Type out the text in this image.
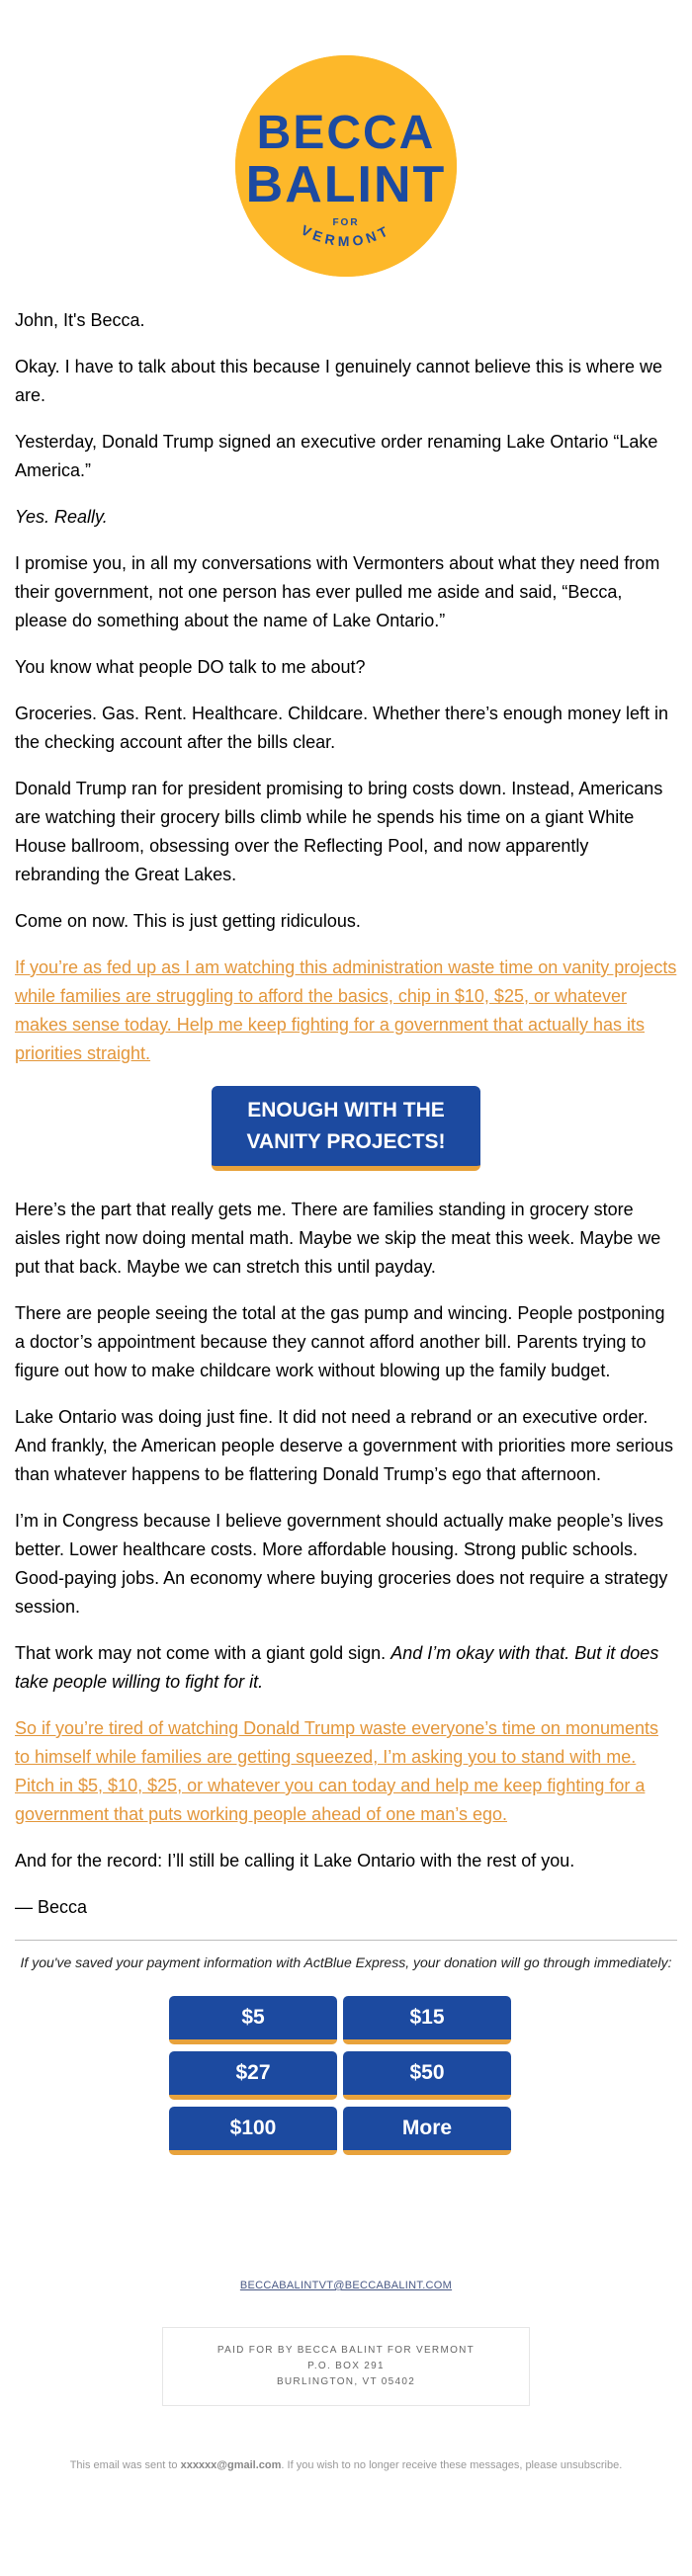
BECCA
BALINT
FOR
VERMONT

John, It's Becca.

Okay. I have to talk about this because I genuinely cannot believe this is where we are.

Yesterday, Donald Trump signed an executive order renaming Lake Ontario “Lake America.”

Yes. Really.

I promise you, in all my conversations with Vermonters about what they need from their government, not one person has ever pulled me aside and said, “Becca, please do something about the name of Lake Ontario.”

You know what people DO talk to me about?

Groceries. Gas. Rent. Healthcare. Childcare. Whether there’s enough money left in the checking account after the bills clear.

Donald Trump ran for president promising to bring costs down. Instead, Americans are watching their grocery bills climb while he spends his time on a giant White House ballroom, obsessing over the Reflecting Pool, and now apparently rebranding the Great Lakes.

Come on now. This is just getting ridiculous.

If you’re as fed up as I am watching this administration waste time on vanity projects while families are struggling to afford the basics, chip in $10, $25, or whatever makes sense today. Help me keep fighting for a government that actually has its priorities straight.

ENOUGH WITH THE
VANITY PROJECTS!

Here’s the part that really gets me. There are families standing in grocery store aisles right now doing mental math. Maybe we skip the meat this week. Maybe we put that back. Maybe we can stretch this until payday.

There are people seeing the total at the gas pump and wincing. People postponing a doctor’s appointment because they cannot afford another bill. Parents trying to figure out how to make childcare work without blowing up the family budget.

Lake Ontario was doing just fine. It did not need a rebrand or an executive order. And frankly, the American people deserve a government with priorities more serious than whatever happens to be flattering Donald Trump’s ego that afternoon.

I’m in Congress because I believe government should actually make people’s lives better. Lower healthcare costs. More affordable housing. Strong public schools. Good-paying jobs. An economy where buying groceries does not require a strategy session.

That work may not come with a giant gold sign. And I’m okay with that. But it does take people willing to fight for it.

So if you’re tired of watching Donald Trump waste everyone’s time on monuments to himself while families are getting squeezed, I’m asking you to stand with me. Pitch in $5, $10, $25, or whatever you can today and help me keep fighting for a government that puts working people ahead of one man’s ego.

And for the record: I’ll still be calling it Lake Ontario with the rest of you.

— Becca

If you've saved your payment information with ActBlue Express, your donation will go through immediately:
$5	$15
$27	$50
$100	More
BECCABALINTVT@BECCABALINT.COM
PAID FOR BY BECCA BALINT FOR VERMONT
P.O. BOX 291
BURLINGTON, VT 05402
This email was sent to xxxxxx@gmail.com. If you wish to no longer receive these messages, please unsubscribe.
